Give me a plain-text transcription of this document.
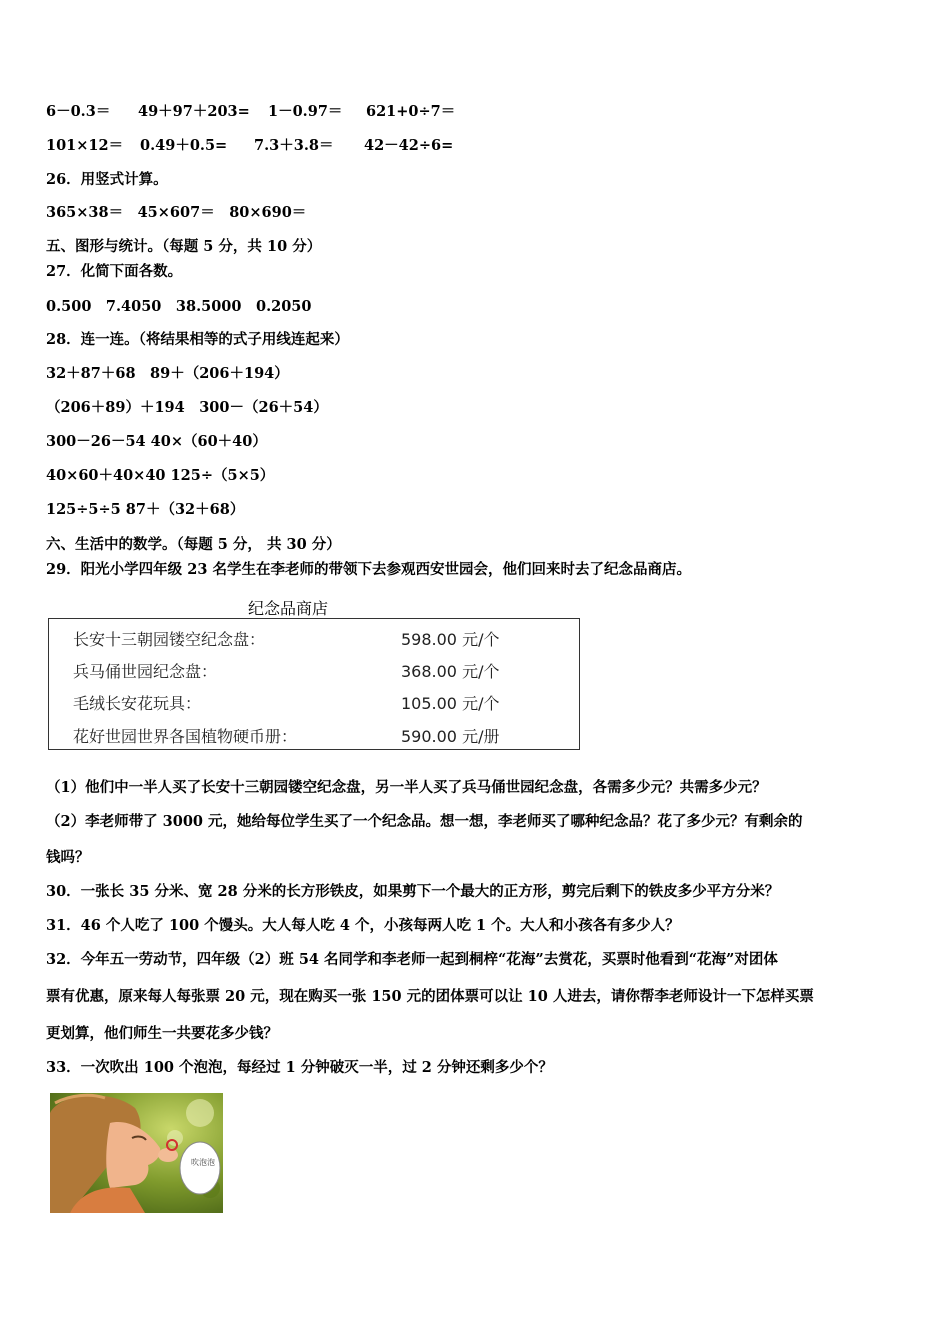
6－0.3＝ 49＋97＋203= 1－0.97＝ 621+0÷7＝
101×12＝ 0.49＋0.5= 7.3＋3.8＝ 42－42÷6=
26．用竖式计算。
365×38＝　45×607＝　80×690＝
五、图形与统计。（每题 5 分，共 10 分）
27．化简下面各数。
0.500　7.4050　38.5000　0.2050
28．连一连。（将结果相等的式子用线连起来）
32＋87＋68　89＋（206＋194）
（206＋89）＋194　300－（26＋54）
300－26－54 40×（60＋40）
40×60＋40×40 125÷（5×5）
125÷5÷5 87＋（32＋68）
六、生活中的数学。（每题 5 分， 共 30 分）
29．阳光小学四年级 23 名学生在李老师的带领下去参观西安世园会，他们回来时去了纪念品商店。
纪念品商店
长安十三朝园镂空纪念盘：	598.00 元/个
兵马俑世园纪念盘：	368.00 元/个
毛绒长安花玩具：	105.00 元/个
花好世园世界各国植物硬币册：	590.00 元/册
（1）他们中一半人买了长安十三朝园镂空纪念盘，另一半人买了兵马俑世园纪念盘，各需多少元？共需多少元？
（2）李老师带了 3000 元，她给每位学生买了一个纪念品。想一想，李老师买了哪种纪念品？花了多少元？有剩余的
钱吗？
30．一张长 35 分米、宽 28 分米的长方形铁皮，如果剪下一个最大的正方形，剪完后剩下的铁皮多少平方分米？
31．46 个人吃了 100 个馒头。大人每人吃 4 个，小孩每两人吃 1 个。大人和小孩各有多少人？
32．今年五一劳动节，四年级（2）班 54 名同学和李老师一起到桐梓“花海”去赏花，买票时他看到“花海”对团体
票有优惠，原来每人每张票 20 元，现在购买一张 150 元的团体票可以让 10 人进去，请你帮李老师设计一下怎样买票
更划算，他们师生一共要花多少钱？
33．一次吹出 100 个泡泡，每经过 1 分钟破灭一半，过 2 分钟还剩多少个？
吹泡泡
